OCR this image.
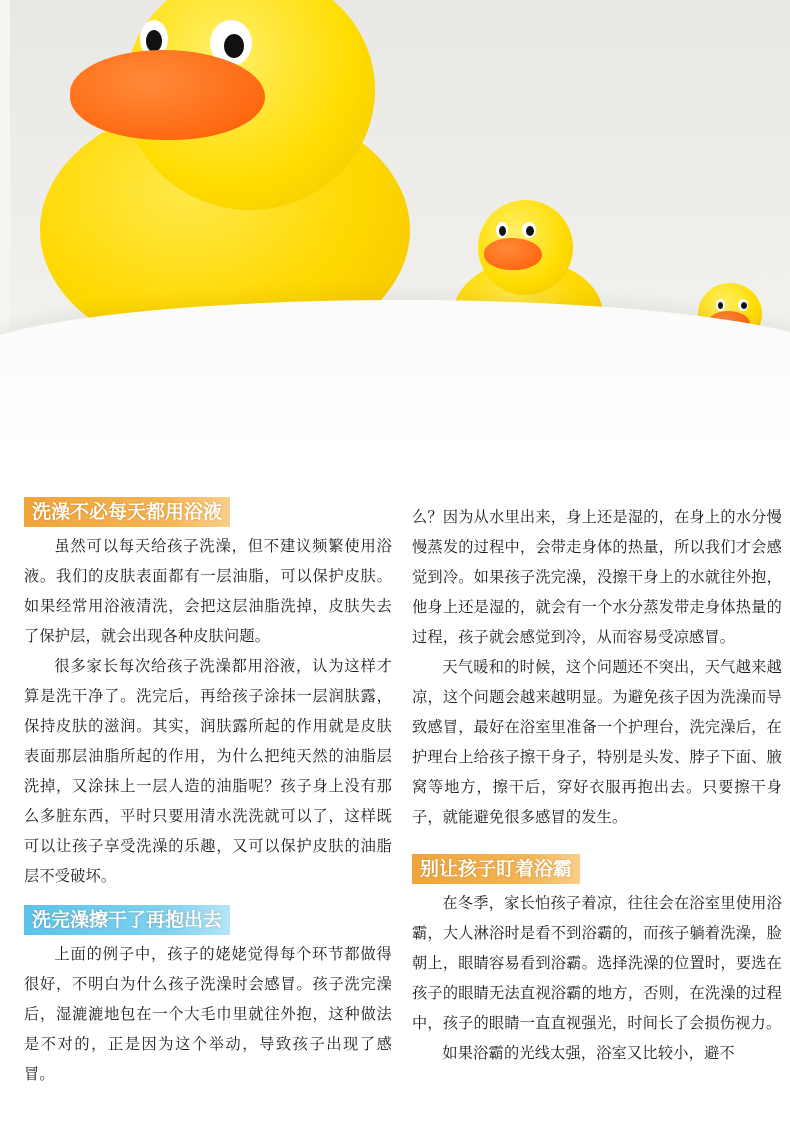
洗澡不必每天都用浴液

虽然可以每天给孩子洗澡，但不建议频繁使用浴液。我们的皮肤表面都有一层油脂，可以保护皮肤。如果经常用浴液清洗，会把这层油脂洗掉，皮肤失去了保护层，就会出现各种皮肤问题。

很多家长每次给孩子洗澡都用浴液，认为这样才算是洗干净了。洗完后，再给孩子涂抹一层润肤露，保持皮肤的滋润。其实，润肤露所起的作用就是皮肤表面那层油脂所起的作用，为什么把纯天然的油脂层洗掉，又涂抹上一层人造的油脂呢？孩子身上没有那么多脏东西，平时只要用清水洗洗就可以了，这样既可以让孩子享受洗澡的乐趣，又可以保护皮肤的油脂层不受破坏。

洗完澡擦干了再抱出去

上面的例子中，孩子的姥姥觉得每个环节都做得很好，不明白为什么孩子洗澡时会感冒。孩子洗完澡后，湿漉漉地包在一个大毛巾里就往外抱，这种做法是不对的，正是因为这个举动，导致孩子出现了感冒。

么？因为从水里出来，身上还是湿的，在身上的水分慢慢蒸发的过程中，会带走身体的热量，所以我们才会感觉到冷。如果孩子洗完澡，没擦干身上的水就往外抱，他身上还是湿的，就会有一个水分蒸发带走身体热量的过程，孩子就会感觉到冷，从而容易受凉感冒。

天气暖和的时候，这个问题还不突出，天气越来越凉，这个问题会越来越明显。为避免孩子因为洗澡而导致感冒，最好在浴室里准备一个护理台，洗完澡后，在护理台上给孩子擦干身子，特别是头发、脖子下面、腋窝等地方，擦干后，穿好衣服再抱出去。只要擦干身子，就能避免很多感冒的发生。

别让孩子盯着浴霸

在冬季，家长怕孩子着凉，往往会在浴室里使用浴霸，大人淋浴时是看不到浴霸的，而孩子躺着洗澡，脸朝上，眼睛容易看到浴霸。选择洗澡的位置时，要选在孩子的眼睛无法直视浴霸的地方，否则，在洗澡的过程中，孩子的眼睛一直直视强光，时间长了会损伤视力。

如果浴霸的光线太强，浴室又比较小，避不
